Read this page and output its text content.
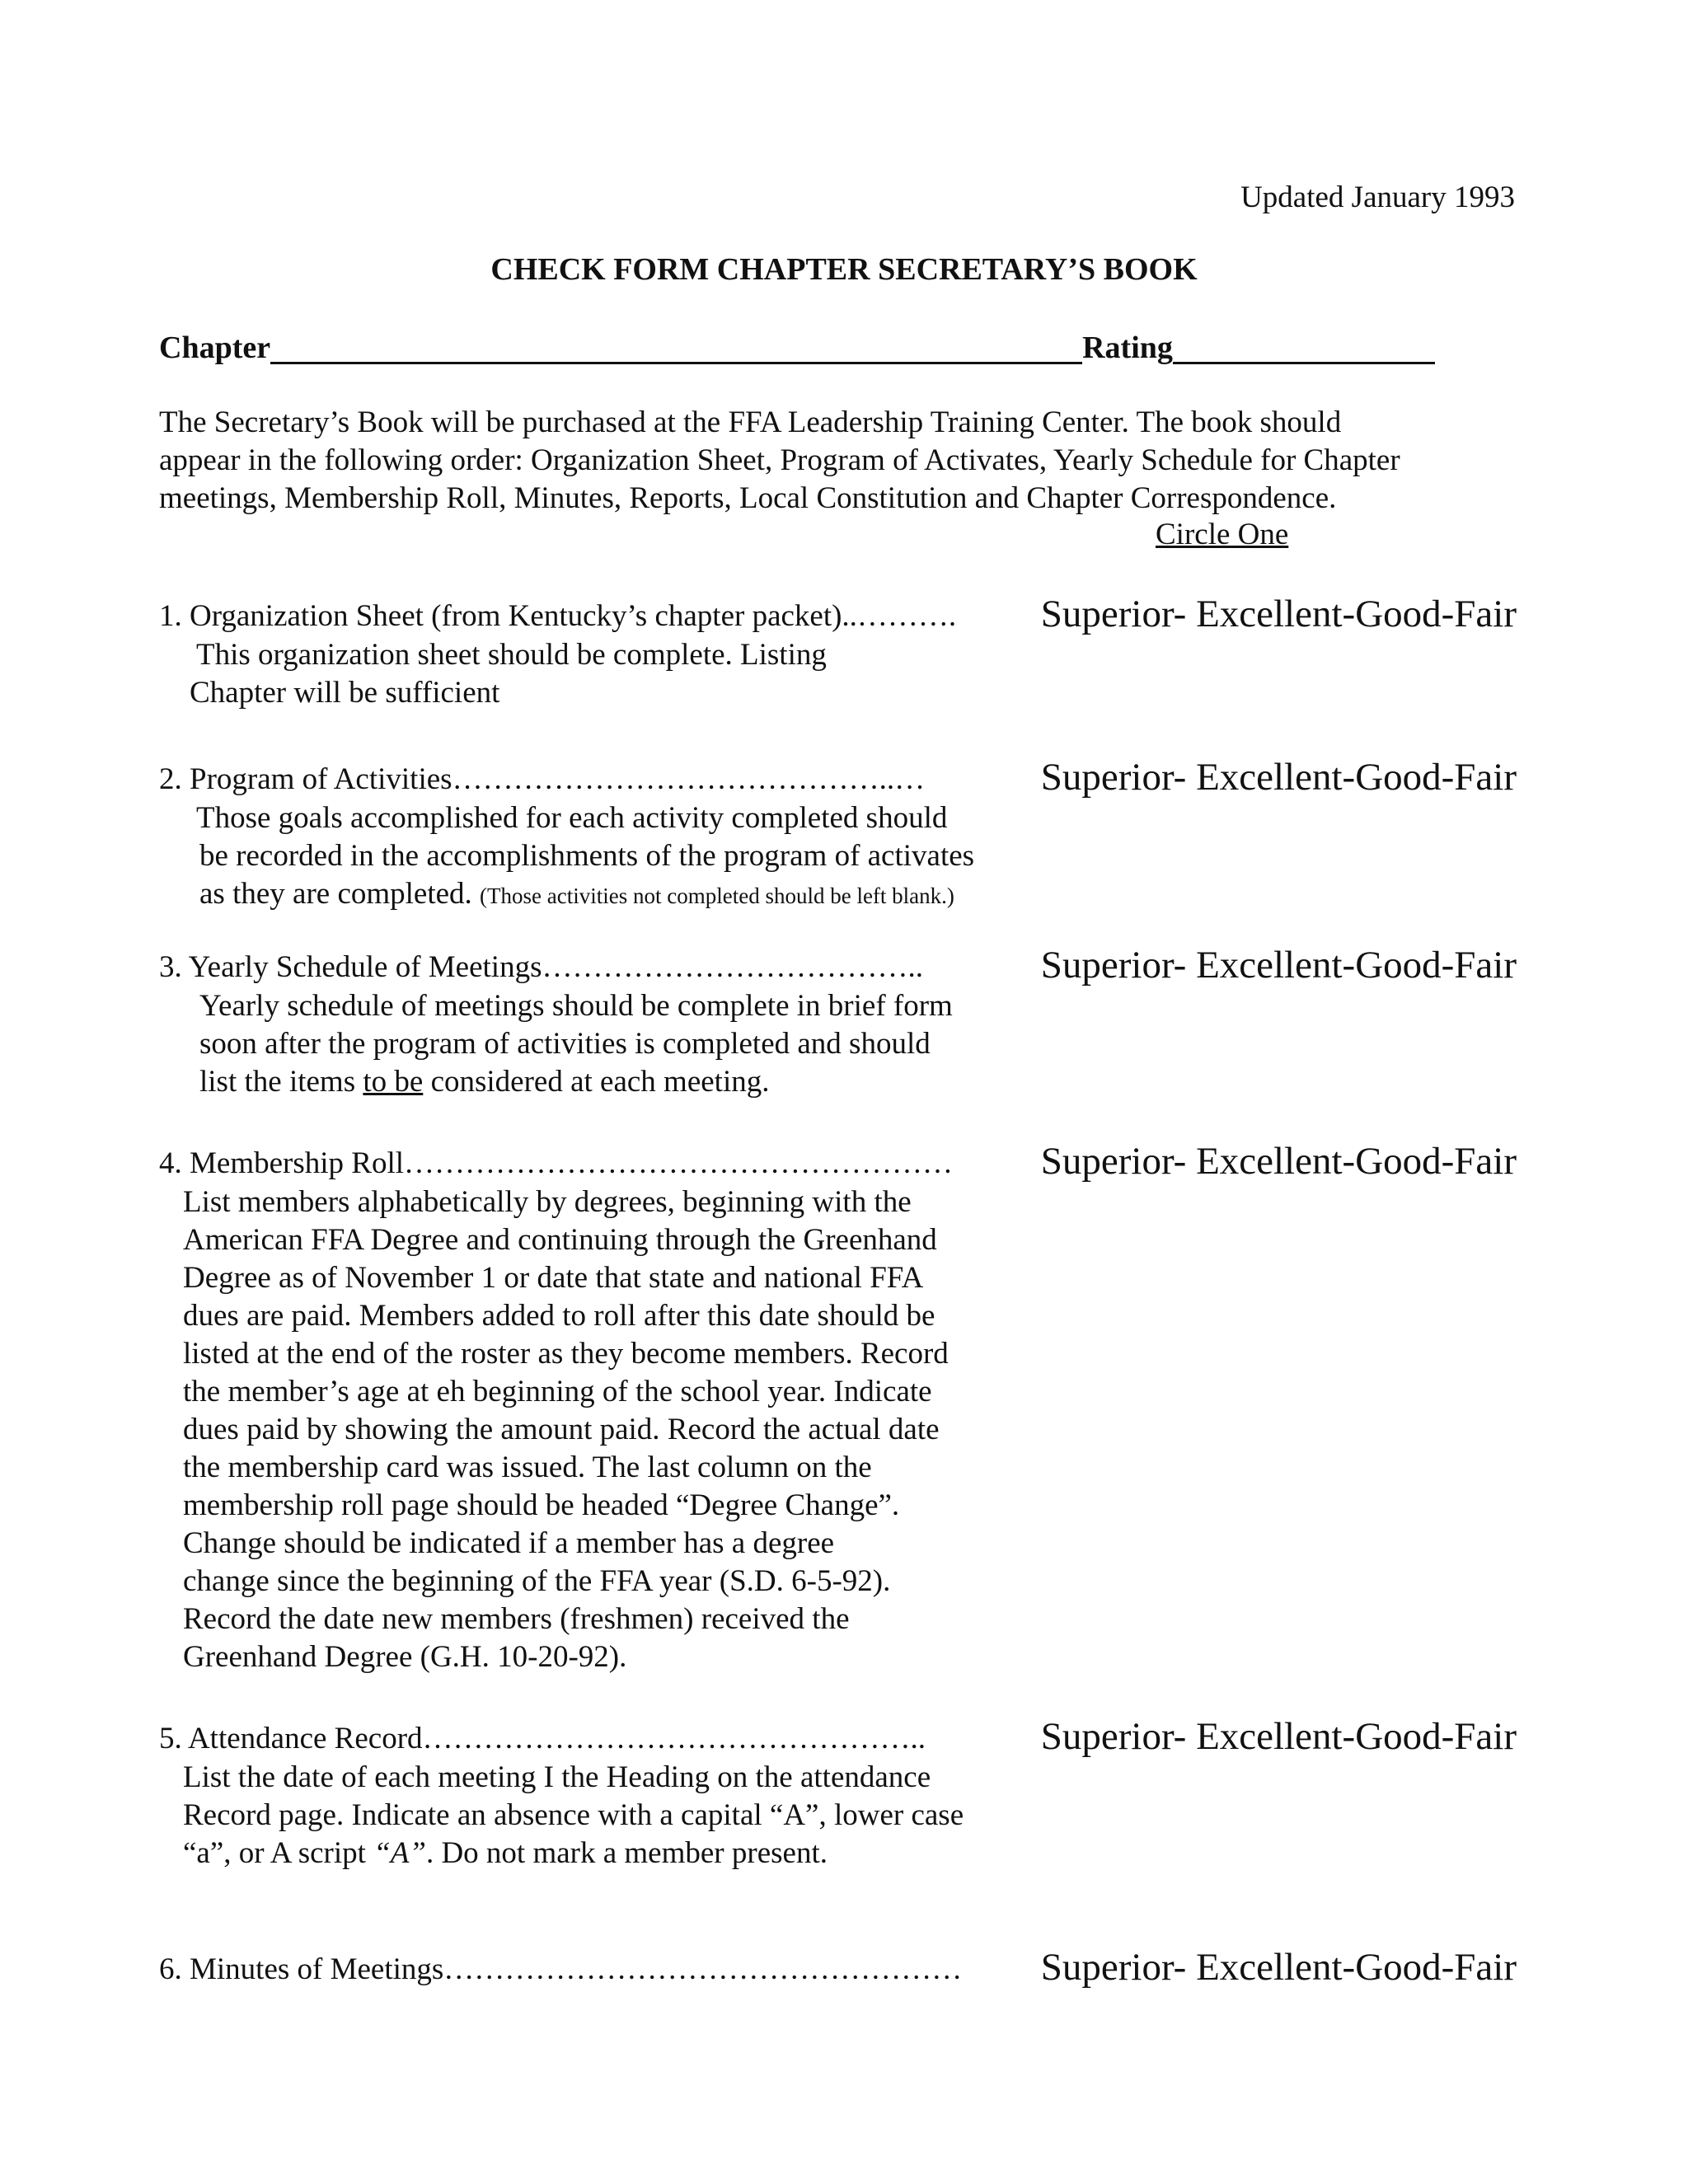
Updated January 1993
CHECK FORM CHAPTER SECRETARY’S BOOK
Chapter	Rating
The Secretary’s Book will be purchased at the FFA Leadership Training Center. The book should
appear in the following order: Organization Sheet, Program of Activates, Yearly Schedule for Chapter
meetings, Membership Roll, Minutes, Reports, Local Constitution and Chapter Correspondence.
Circle One
1. Organization Sheet (from Kentucky’s chapter packet)..………. Superior- Excellent-Good-Fair
This organization sheet should be complete. Listing
Chapter will be sufficient
2. Program of Activities……………………………………..…	Superior- Excellent-Good-Fair
Those goals accomplished for each activity completed should
be recorded in the accomplishments of the program of activates
as they are completed. (Those activities not completed should be left blank.)
3. Yearly Schedule of Meetings………………………………..	Superior- Excellent-Good-Fair
Yearly schedule of meetings should be complete in brief form
soon after the program of activities is completed and should
list the items to be considered at each meeting.
4. Membership Roll……………………………………………… Superior- Excellent-Good-Fair
List members alphabetically by degrees, beginning with the
American FFA Degree and continuing through the Greenhand
Degree as of November 1 or date that state and national FFA
dues are paid. Members added to roll after this date should be
listed at the end of the roster as they become members. Record
the member’s age at eh beginning of the school year. Indicate
dues paid by showing the amount paid. Record the actual date
the membership card was issued. The last column on the
membership roll page should be headed “Degree Change”.
Change should be indicated if a member has a degree
change since the beginning of the FFA year (S.D. 6-5-92).
Record the date new members (freshmen) received the
Greenhand Degree (G.H. 10-20-92).
5. Attendance Record…………………………………………..	Superior- Excellent-Good-Fair
List the date of each meeting I the Heading on the attendance
Record page. Indicate an absence with a capital “A”, lower case
“a”, or A script “A”. Do not mark a member present.
6. Minutes of Meetings…………………………………………… Superior- Excellent-Good-Fair
